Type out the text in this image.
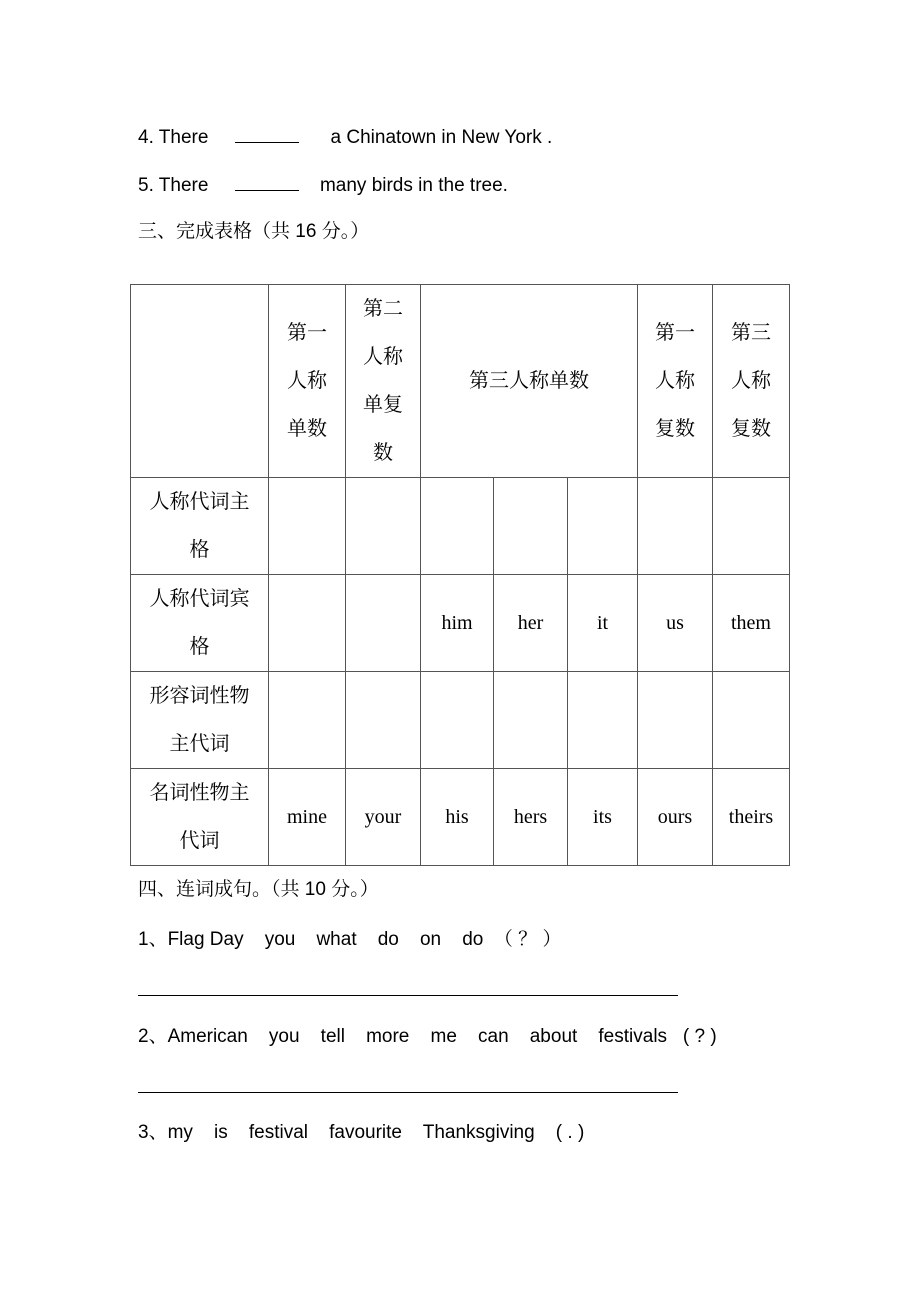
4. There	a Chinatown in New York .
5. There	many birds in the tree.
三、完成表格（共 16 分。）
	第一人称单数	第二人称单复数	第三人称单数			第一人称复数	第三人称复数
人称代词主格							
人称代词宾格			him	her	it	us	them
形容词性物主代词							
名词性物主代词	mine	your	his	hers	its	ours	theirs
四、连词成句。（共 10 分。）
1、Flag Day    you    what    do    on    do  （ ？ ）
2、American    you    tell    more    me    can    about    festivals   ( ? )
3、my    is    festival    favourite    Thanksgiving    ( . )
